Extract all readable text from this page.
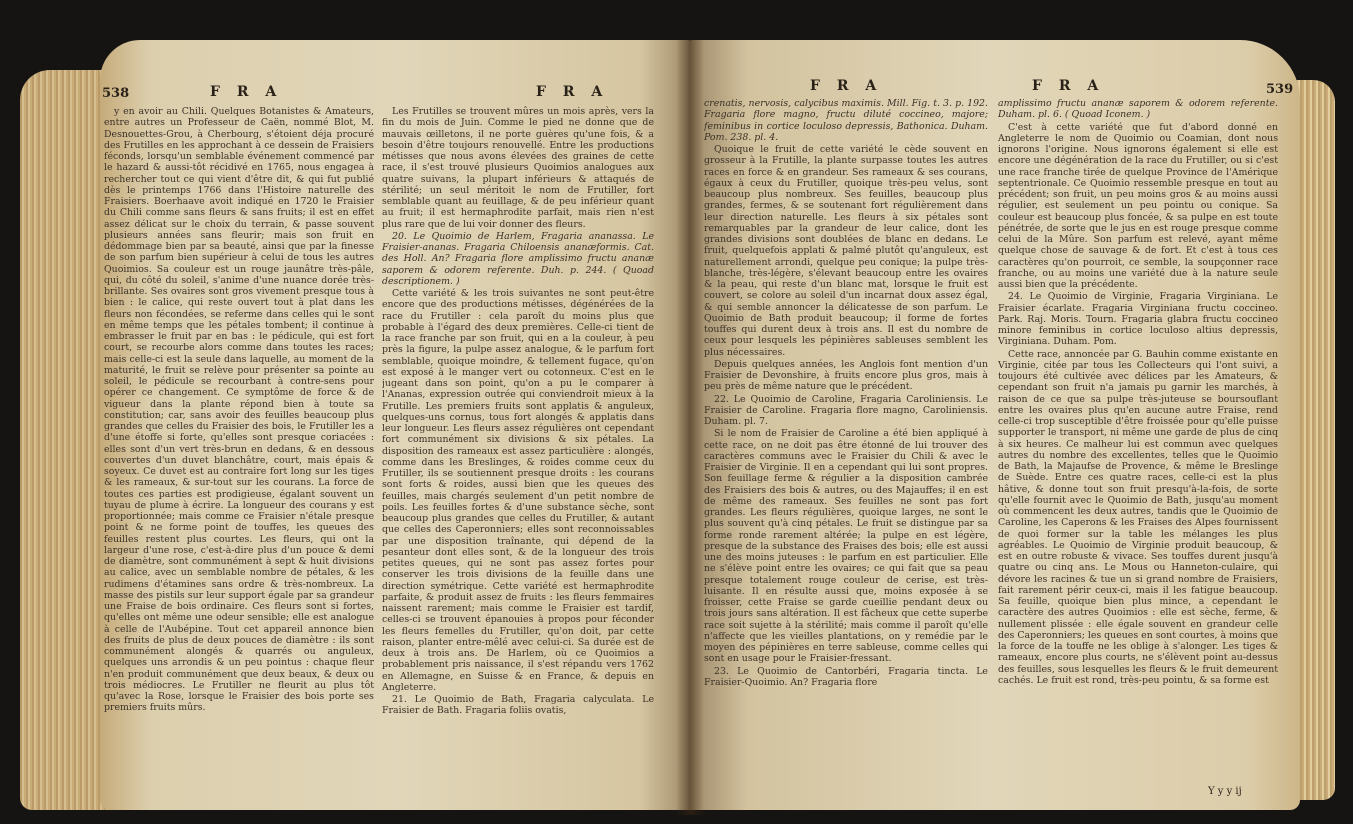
538	F R A	F R A

y en avoir au Chili. Quelques Botanistes & Amateurs, entre autres un Professeur de Caën, nommé Blot, M. Desnouettes-Grou, à Cherbourg, s'étoient déja procuré des Frutilles en les approchant à ce dessein de Fraisiers féconds, lorsqu'un semblable événement commencé par le hazard & aussi-tôt récidivé en 1765, nous engagea à rechercher tout ce qui vient d'être dit, & qui fut publié dès le printemps 1766 dans l'Histoire naturelle des Fraisiers. Boerhaave avoit indiqué en 1720 le Fraisier du Chili comme sans fleurs & sans fruits; il est en effet assez délicat sur le choix du terrain, & passe souvent plusieurs années sans fleurir; mais son fruit en dédommage bien par sa beauté, ainsi que par la finesse de son parfum bien supérieur à celui de tous les autres Quoimios. Sa couleur est un rouge jaunâtre très-pâle, qui, du côté du soleil, s'anime d'une nuance dorée très-brillante. Ses ovaires sont gros vivement presque tous à bien : le calice, qui reste ouvert tout à plat dans les fleurs non fécondées, se referme dans celles qui le sont en même temps que les pétales tombent; il continue à embrasser le fruit par en bas : le pédicule, qui est fort court, se recourbe alors comme dans toutes les races; mais celle-ci est la seule dans laquelle, au moment de la maturité, le fruit se relève pour présenter sa pointe au soleil, le pédicule se recourbant à contre-sens pour opérer ce changement. Ce symptôme de force & de vigueur dans la plante répond bien à toute sa constitution; car, sans avoir des feuilles beaucoup plus grandes que celles du Fraisier des bois, le Frutiller les a d'une étoffe si forte, qu'elles sont presque coriacées : elles sont d'un vert très-brun en dedans, & en dessous couvertes d'un duvet blanchâtre, court, mais épais & soyeux. Ce duvet est au contraire fort long sur les tiges & les rameaux, & sur-tout sur les courans. La force de toutes ces parties est prodigieuse, égalant souvent un tuyau de plume à écrire. La longueur des courans y est proportionnée; mais comme ce Fraisier n'étale presque point & ne forme point de touffes, les queues des feuilles restent plus courtes. Les fleurs, qui ont la largeur d'une rose, c'est-à-dire plus d'un pouce & demi de diamètre, sont communément à sept & huit divisions au calice, avec un semblable nombre de pétales, & les rudimens d'étamines sans ordre & très-nombreux. La masse des pistils sur leur support égale par sa grandeur une Fraise de bois ordinaire. Ces fleurs sont si fortes, qu'elles ont même une odeur sensible; elle est analogue à celle de l'Aubépine. Tout cet appareil annonce bien des fruits de plus de deux pouces de diamètre : ils sont communément alongés & quarrés ou anguleux, quelques uns arrondis & un peu pointus : chaque fleur n'en produit communément que deux beaux, & deux ou trois médiocres. Le Frutiller ne fleurit au plus tôt qu'avec la Rose, lorsque le Fraisier des bois porte ses premiers fruits mûrs.

Les Frutilles se trouvent mûres un mois après, vers la fin du mois de Juin. Comme le pied ne donne que de mauvais œilletons, il ne porte guères qu'une fois, & a besoin d'être toujours renouvellé. Entre les productions métisses que nous avons élevées des graines de cette race, il s'est trouvé plusieurs Quoimios analogues aux quatre suivans, la plupart inférieurs & attaqués de stérilité; un seul méritoit le nom de Frutiller, fort semblable quant au feuillage, & de peu inférieur quant au fruit; il est hermaphrodite parfait, mais rien n'est plus rare que de lui voir donner des fleurs.

20. Le Quoimio de Harlem, Fragaria ananassa. Le Fraisier-ananas. Fragaria Chiloensis ananæformis. Cat. des Holl. An? Fragaria flore amplissimo fructu ananæ saporem & odorem referente. Duh. p. 244. ( Quoad descriptionem. )

Cette variété & les trois suivantes ne sont peut-être encore que des productions métisses, dégénérées de la race du Frutiller : cela paroît du moins plus que probable à l'égard des deux premières. Celle-ci tient de la race franche par son fruit, qui en a la couleur, à peu près la figure, la pulpe assez analogue, & le parfum fort semblable, quoique moindre, & tellement fugace, qu'on est exposé à le manger vert ou cotonneux. C'est en le jugeant dans son point, qu'on a pu le comparer à l'Ananas, expression outrée qui conviendroit mieux à la Frutille. Les premiers fruits sont applatis & anguleux, quelques-uns cornus, tous fort alongés & applatis dans leur longueur. Les fleurs assez régulières ont cependant fort communément six divisions & six pétales. La disposition des rameaux est assez particulière : alongés, comme dans les Breslinges, & roides comme ceux du Frutiller, ils se soutiennent presque droits : les courans sont forts & roides, aussi bien que les queues des feuilles, mais chargés seulement d'un petit nombre de poils. Les feuilles fortes & d'une substance sèche, sont beaucoup plus grandes que celles du Frutiller, & autant que celles des Caperonniers; elles sont reconnoissables par une disposition traînante, qui dépend de la pesanteur dont elles sont, & de la longueur des trois petites queues, qui ne sont pas assez fortes pour conserver les trois divisions de la feuille dans une direction symétrique. Cette variété est hermaphrodite parfaite, & produit assez de fruits : les fleurs femmaires naissent rarement; mais comme le Fraisier est tardif, celles-ci se trouvent épanouies à propos pour féconder les fleurs femelles du Frutiller, qu'on doit, par cette raison, planter entre-mêlé avec celui-ci. Sa durée est de deux à trois ans. De Harlem, où ce Quoimios a probablement pris naissance, il s'est répandu vers 1762 en Allemagne, en Suisse & en France, & depuis en Angleterre.

21. Le Quoimio de Bath, Fragaria calyculata. Le Fraisier de Bath. Fragaria foliis ovatis,

F R A	F R A	539

crenatis, nervosis, calycibus maximis. Mill. Fig. t. 3. p. 192. Fragaria flore magno, fructu diluté coccineo, majore; feminibus in cortice loculoso depressis, Bathonica. Duham. Pom. 238. pl. 4.

Quoique le fruit de cette variété le cède souvent en grosseur à la Frutille, la plante surpasse toutes les autres races en force & en grandeur. Ses rameaux & ses courans, égaux à ceux du Frutiller, quoique très-peu velus, sont beaucoup plus nombreux. Ses feuilles, beaucoup plus grandes, fermes, & se soutenant fort régulièrement dans leur direction naturelle. Les fleurs à six pétales sont remarquables par la grandeur de leur calice, dont les grandes divisions sont doublées de blanc en dedans. Le fruit, quelquefois applati & palmé plutôt qu'anguleux, est naturellement arrondi, quelque peu conique; la pulpe très-blanche, très-légère, s'élevant beaucoup entre les ovaires & la peau, qui reste d'un blanc mat, lorsque le fruit est couvert, se colore au soleil d'un incarnat doux assez égal, & qui semble annoncer la délicatesse de son parfum. Le Quoimio de Bath produit beaucoup; il forme de fortes touffes qui durent deux à trois ans. Il est du nombre de ceux pour lesquels les pépinières sableuses semblent les plus nécessaires.

Depuis quelques années, les Anglois font mention d'un Fraisier de Devonshire, à fruits encore plus gros, mais à peu près de même nature que le précédent.

22. Le Quoimio de Caroline, Fragaria Caroliniensis. Le Fraisier de Caroline. Fragaria flore magno, Caroliniensis. Duham. pl. 7.

Si le nom de Fraisier de Caroline a été bien appliqué à cette race, on ne doit pas être étonné de lui trouver des caractères communs avec le Fraisier du Chili & avec le Fraisier de Virginie. Il en a cependant qui lui sont propres. Son feuillage ferme & régulier a la disposition cambrée des Fraisiers des bois & autres, ou des Majauffes; il en est de même des rameaux. Ses feuilles ne sont pas fort grandes. Les fleurs régulières, quoique larges, ne sont le plus souvent qu'à cinq pétales. Le fruit se distingue par sa forme ronde rarement altérée; la pulpe en est légère, presque de la substance des Fraises des bois; elle est aussi une des moins juteuses : le parfum en est particulier. Elle ne s'élève point entre les ovaires; ce qui fait que sa peau presque totalement rouge couleur de cerise, est très-luisante. Il en résulte aussi que, moins exposée à se froisser, cette Fraise se garde cueillie pendant deux ou trois jours sans altération. Il est fâcheux que cette superbe race soit sujette à la stérilité; mais comme il paroît qu'elle n'affecte que les vieilles plantations, on y remédie par le moyen des pépinières en terre sableuse, comme celles qui sont en usage pour le Fraisier-fressant.

23. Le Quoimio de Cantorbéri, Fragaria tincta. Le Fraisier-Quoimio. An? Fragaria flore

amplissimo fructu ananæ saporem & odorem referente. Duham. pl. 6. ( Quoad Iconem. )

C'est à cette variété que fut d'abord donné en Angleterre le nom de Quoimio ou Coamian, dont nous ignorons l'origine. Nous ignorons également si elle est encore une dégénération de la race du Frutiller, ou si c'est une race franche tirée de quelque Province de l'Amérique septentrionale. Ce Quoimio ressemble presque en tout au précédent; son fruit, un peu moins gros & au moins aussi régulier, est seulement un peu pointu ou conique. Sa couleur est beaucoup plus foncée, & sa pulpe en est toute pénétrée, de sorte que le jus en est rouge presque comme celui de la Mûre. Son parfum est relevé, ayant même quelque chose de sauvage & de fort. Et c'est à tous ces caractères qu'on pourroit, ce semble, la soupçonner race franche, ou au moins une variété due à la nature seule aussi bien que la précédente.

24. Le Quoimio de Virginie, Fragaria Virginiana. Le Fraisier écarlate. Fragaria Virginiana fructu coccineo. Park. Raj. Moris. Tourn. Fragaria glabra fructu coccineo minore feminibus in cortice loculoso altius depressis, Virginiana. Duham. Pom.

Cette race, annoncée par G. Bauhin comme existante en Virginie, citée par tous les Collecteurs qui l'ont suivi, a toujours été cultivée avec délices par les Amateurs, & cependant son fruit n'a jamais pu garnir les marchés, à raison de ce que sa pulpe très-juteuse se boursouflant entre les ovaires plus qu'en aucune autre Fraise, rend celle-ci trop susceptible d'être froissée pour qu'elle puisse supporter le transport, ni même une garde de plus de cinq à six heures. Ce malheur lui est commun avec quelques autres du nombre des excellentes, telles que le Quoimio de Bath, la Majaufse de Provence, & même le Breslinge de Suède. Entre ces quatre races, celle-ci est la plus hâtive, & donne tout son fruit presqu'à-la-fois, de sorte qu'elle fournit avec le Quoimio de Bath, jusqu'au moment où commencent les deux autres, tandis que le Quoimio de Caroline, les Caperons & les Fraises des Alpes fournissent de quoi former sur la table les mélanges les plus agréables. Le Quoimio de Virginie produit beaucoup, & est en outre robuste & vivace. Ses touffes durent jusqu'à quatre ou cinq ans. Le Mous ou Hanneton-culaire, qui dévore les racines & tue un si grand nombre de Fraisiers, fait rarement périr ceux-ci, mais il les fatigue beaucoup. Sa feuille, quoique bien plus mince, a cependant le caractère des autres Quoimios : elle est sèche, ferme, & nullement plissée : elle égale souvent en grandeur celle des Caperonniers; les queues en sont courtes, à moins que la force de la touffe ne les oblige à s'alonger. Les tiges & rameaux, encore plus courts, ne s'élèvent point au-dessus des feuilles, sous lesquelles les fleurs & le fruit demeurent cachés. Le fruit est rond, très-peu pointu, & sa forme est

Y y y ij
